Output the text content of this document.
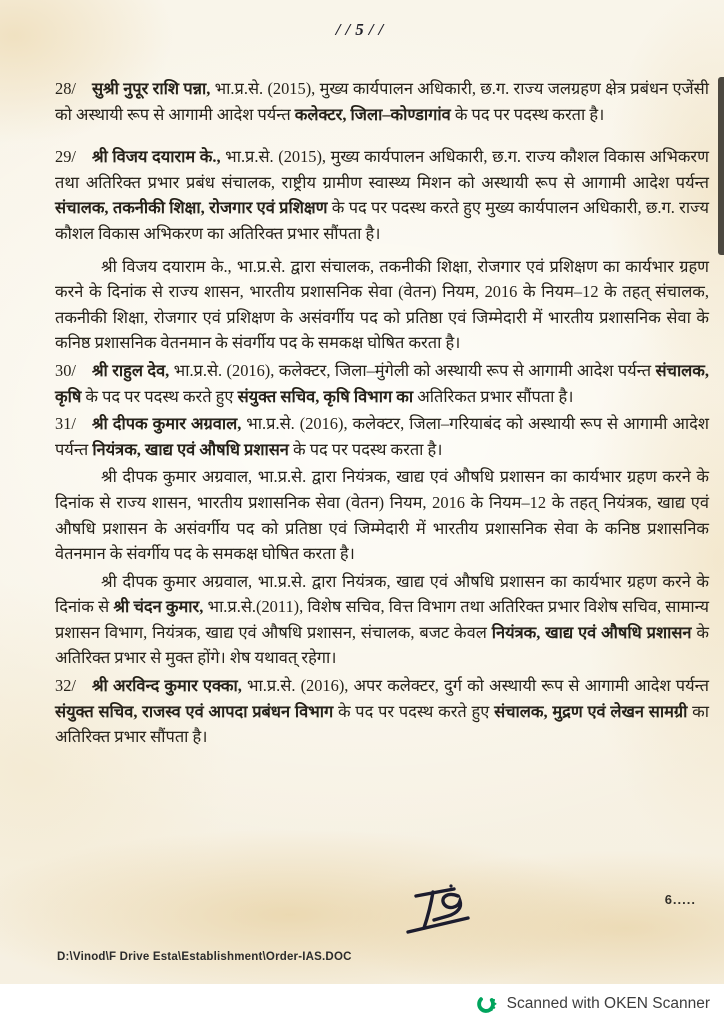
//5//

28/ सुश्री नुपूर राशि पन्ना, भा.प्र.से. (2015), मुख्य कार्यपालन अधिकारी, छ.ग. राज्य जलग्रहण क्षेत्र प्रबंधन एजेंसी को अस्थायी रूप से आगामी आदेश पर्यन्त कलेक्टर, जिला–कोण्डागांव के पद पर पदस्थ करता है।

29/ श्री विजय दयाराम के., भा.प्र.से. (2015), मुख्य कार्यपालन अधिकारी, छ.ग. राज्य कौशल विकास अभिकरण तथा अतिरिक्त प्रभार प्रबंध संचालक, राष्ट्रीय ग्रामीण स्वास्थ्य मिशन को अस्थायी रूप से आगामी आदेश पर्यन्त संचालक, तकनीकी शिक्षा, रोजगार एवं प्रशिक्षण के पद पर पदस्थ करते हुए मुख्य कार्यपालन अधिकारी, छ.ग. राज्य कौशल विकास अभिकरण का अतिरिक्त प्रभार सौंपता है।

श्री विजय दयाराम के., भा.प्र.से. द्वारा संचालक, तकनीकी शिक्षा, रोजगार एवं प्रशिक्षण का कार्यभार ग्रहण करने के दिनांक से राज्य शासन, भारतीय प्रशासनिक सेवा (वेतन) नियम, 2016 के नियम–12 के तहत् संचालक, तकनीकी शिक्षा, रोजगार एवं प्रशिक्षण के असंवर्गीय पद को प्रतिष्ठा एवं जिम्मेदारी में भारतीय प्रशासनिक सेवा के कनिष्ठ प्रशासनिक वेतनमान के संवर्गीय पद के समकक्ष घोषित करता है।

30/ श्री राहुल देव, भा.प्र.से. (2016), कलेक्टर, जिला–मुंगेली को अस्थायी रूप से आगामी आदेश पर्यन्त संचालक, कृषि के पद पर पदस्थ करते हुए संयुक्त सचिव, कृषि विभाग का अतिरिकत प्रभार सौंपता है।

31/ श्री दीपक कुमार अग्रवाल, भा.प्र.से. (2016), कलेक्टर, जिला–गरियाबंद को अस्थायी रूप से आगामी आदेश पर्यन्त नियंत्रक, खाद्य एवं औषधि प्रशासन के पद पर पदस्थ करता है।

श्री दीपक कुमार अग्रवाल, भा.प्र.से. द्वारा नियंत्रक, खाद्य एवं औषधि प्रशासन का कार्यभार ग्रहण करने के दिनांक से राज्य शासन, भारतीय प्रशासनिक सेवा (वेतन) नियम, 2016 के नियम–12 के तहत् नियंत्रक, खाद्य एवं औषधि प्रशासन के असंवर्गीय पद को प्रतिष्ठा एवं जिम्मेदारी में भारतीय प्रशासनिक सेवा के कनिष्ठ प्रशासनिक वेतनमान के संवर्गीय पद के समकक्ष घोषित करता है।

श्री दीपक कुमार अग्रवाल, भा.प्र.से. द्वारा नियंत्रक, खाद्य एवं औषधि प्रशासन का कार्यभार ग्रहण करने के दिनांक से श्री चंदन कुमार, भा.प्र.से.(2011), विशेष सचिव, वित्त विभाग तथा अतिरिक्त प्रभार विशेष सचिव, सामान्य प्रशासन विभाग, नियंत्रक, खाद्य एवं औषधि प्रशासन, संचालक, बजट केवल नियंत्रक, खाद्य एवं औषधि प्रशासन के अतिरिक्त प्रभार से मुक्त होंगे। शेष यथावत् रहेगा।

32/ श्री अरविन्द कुमार एक्का, भा.प्र.से. (2016), अपर कलेक्टर, दुर्ग को अस्थायी रूप से आगामी आदेश पर्यन्त संयुक्त सचिव, राजस्व एवं आपदा प्रबंधन विभाग के पद पर पदस्थ करते हुए संचालक, मुद्रण एवं लेखन सामग्री का अतिरिक्त प्रभार सौंपता है।

6.....
D:\Vinod\F Drive Esta\Establishment\Order-IAS.DOC
Scanned with OKEN Scanner
